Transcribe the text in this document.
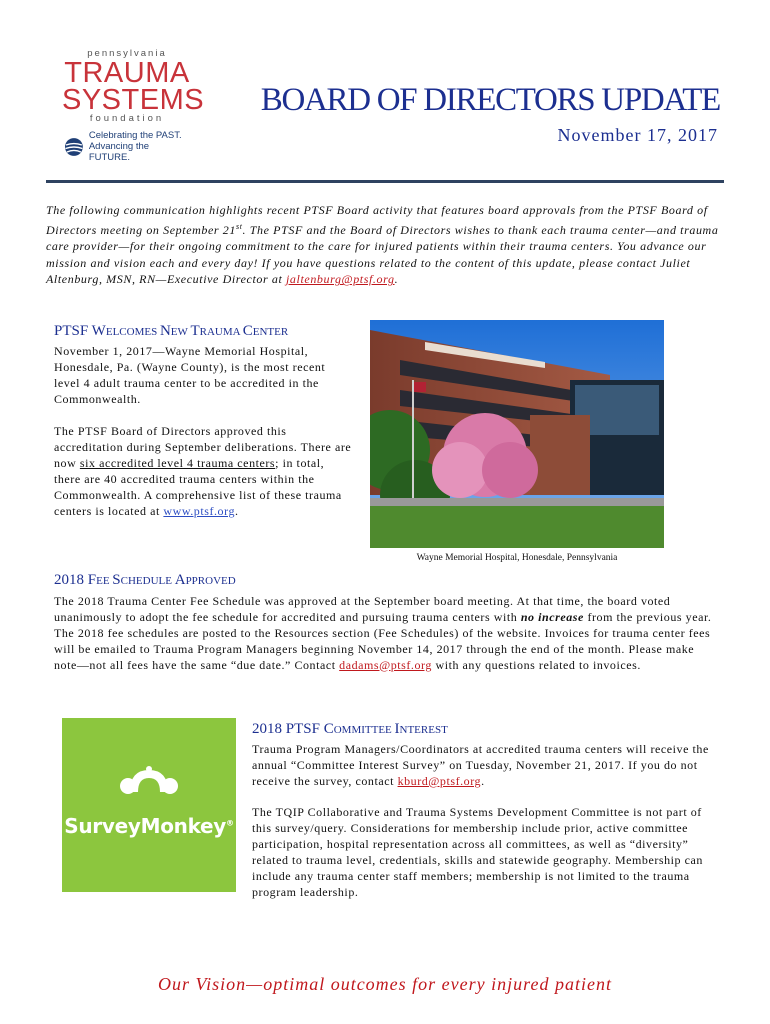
pennsylvania
TRAUMA
SYSTEMS
foundation
Celebrating the PAST.
Advancing the FUTURE.
BOARD OF DIRECTORS UPDATE
November 17, 2017
The following communication highlights recent PTSF Board activity that features board approvals from the PTSF Board of Directors meeting on September 21st. The PTSF and the Board of Directors wishes to thank each trauma center—and trauma care provider—for their ongoing commitment to the care for injured patients within their trauma centers. You advance our mission and vision each and every day! If you have questions related to the content of this update, please contact Juliet Altenburg, MSN, RN—Executive Director at jaltenburg@ptsf.org.
PTSF WELCOMES NEW TRAUMA CENTER
November 1, 2017—Wayne Memorial Hospital, Honesdale, Pa. (Wayne County), is the most recent level 4 adult trauma center to be accredited in the Commonwealth.
The PTSF Board of Directors approved this accreditation during September deliberations. There are now six accredited level 4 trauma centers; in total, there are 40 accredited trauma centers within the Commonwealth. A comprehensive list of these trauma centers is located at www.ptsf.org.
Wayne Memorial Hospital, Honesdale, Pennsylvania
2018 FEE SCHEDULE APPROVED
The 2018 Trauma Center Fee Schedule was approved at the September board meeting. At that time, the board voted unanimously to adopt the fee schedule for accredited and pursuing trauma centers with no increase from the previous year. The 2018 fee schedules are posted to the Resources section (Fee Schedules) of the website. Invoices for trauma center fees will be emailed to Trauma Program Managers beginning November 14, 2017 through the end of the month. Please make note—not all fees have the same “due date.” Contact dadams@ptsf.org with any questions related to invoices.
SurveyMonkey®
2018 PTSF COMMITTEE INTEREST
Trauma Program Managers/Coordinators at accredited trauma centers will receive the annual “Committee Interest Survey” on Tuesday, November 21, 2017. If you do not receive the survey, contact kburd@ptsf.org.
The TQIP Collaborative and Trauma Systems Development Committee is not part of this survey/query. Considerations for membership include prior, active committee participation, hospital representation across all committees, as well as “diversity” related to trauma level, credentials, skills and statewide geography. Membership can include any trauma center staff members; membership is not limited to the trauma program leadership.
Our Vision—optimal outcomes for every injured patient
